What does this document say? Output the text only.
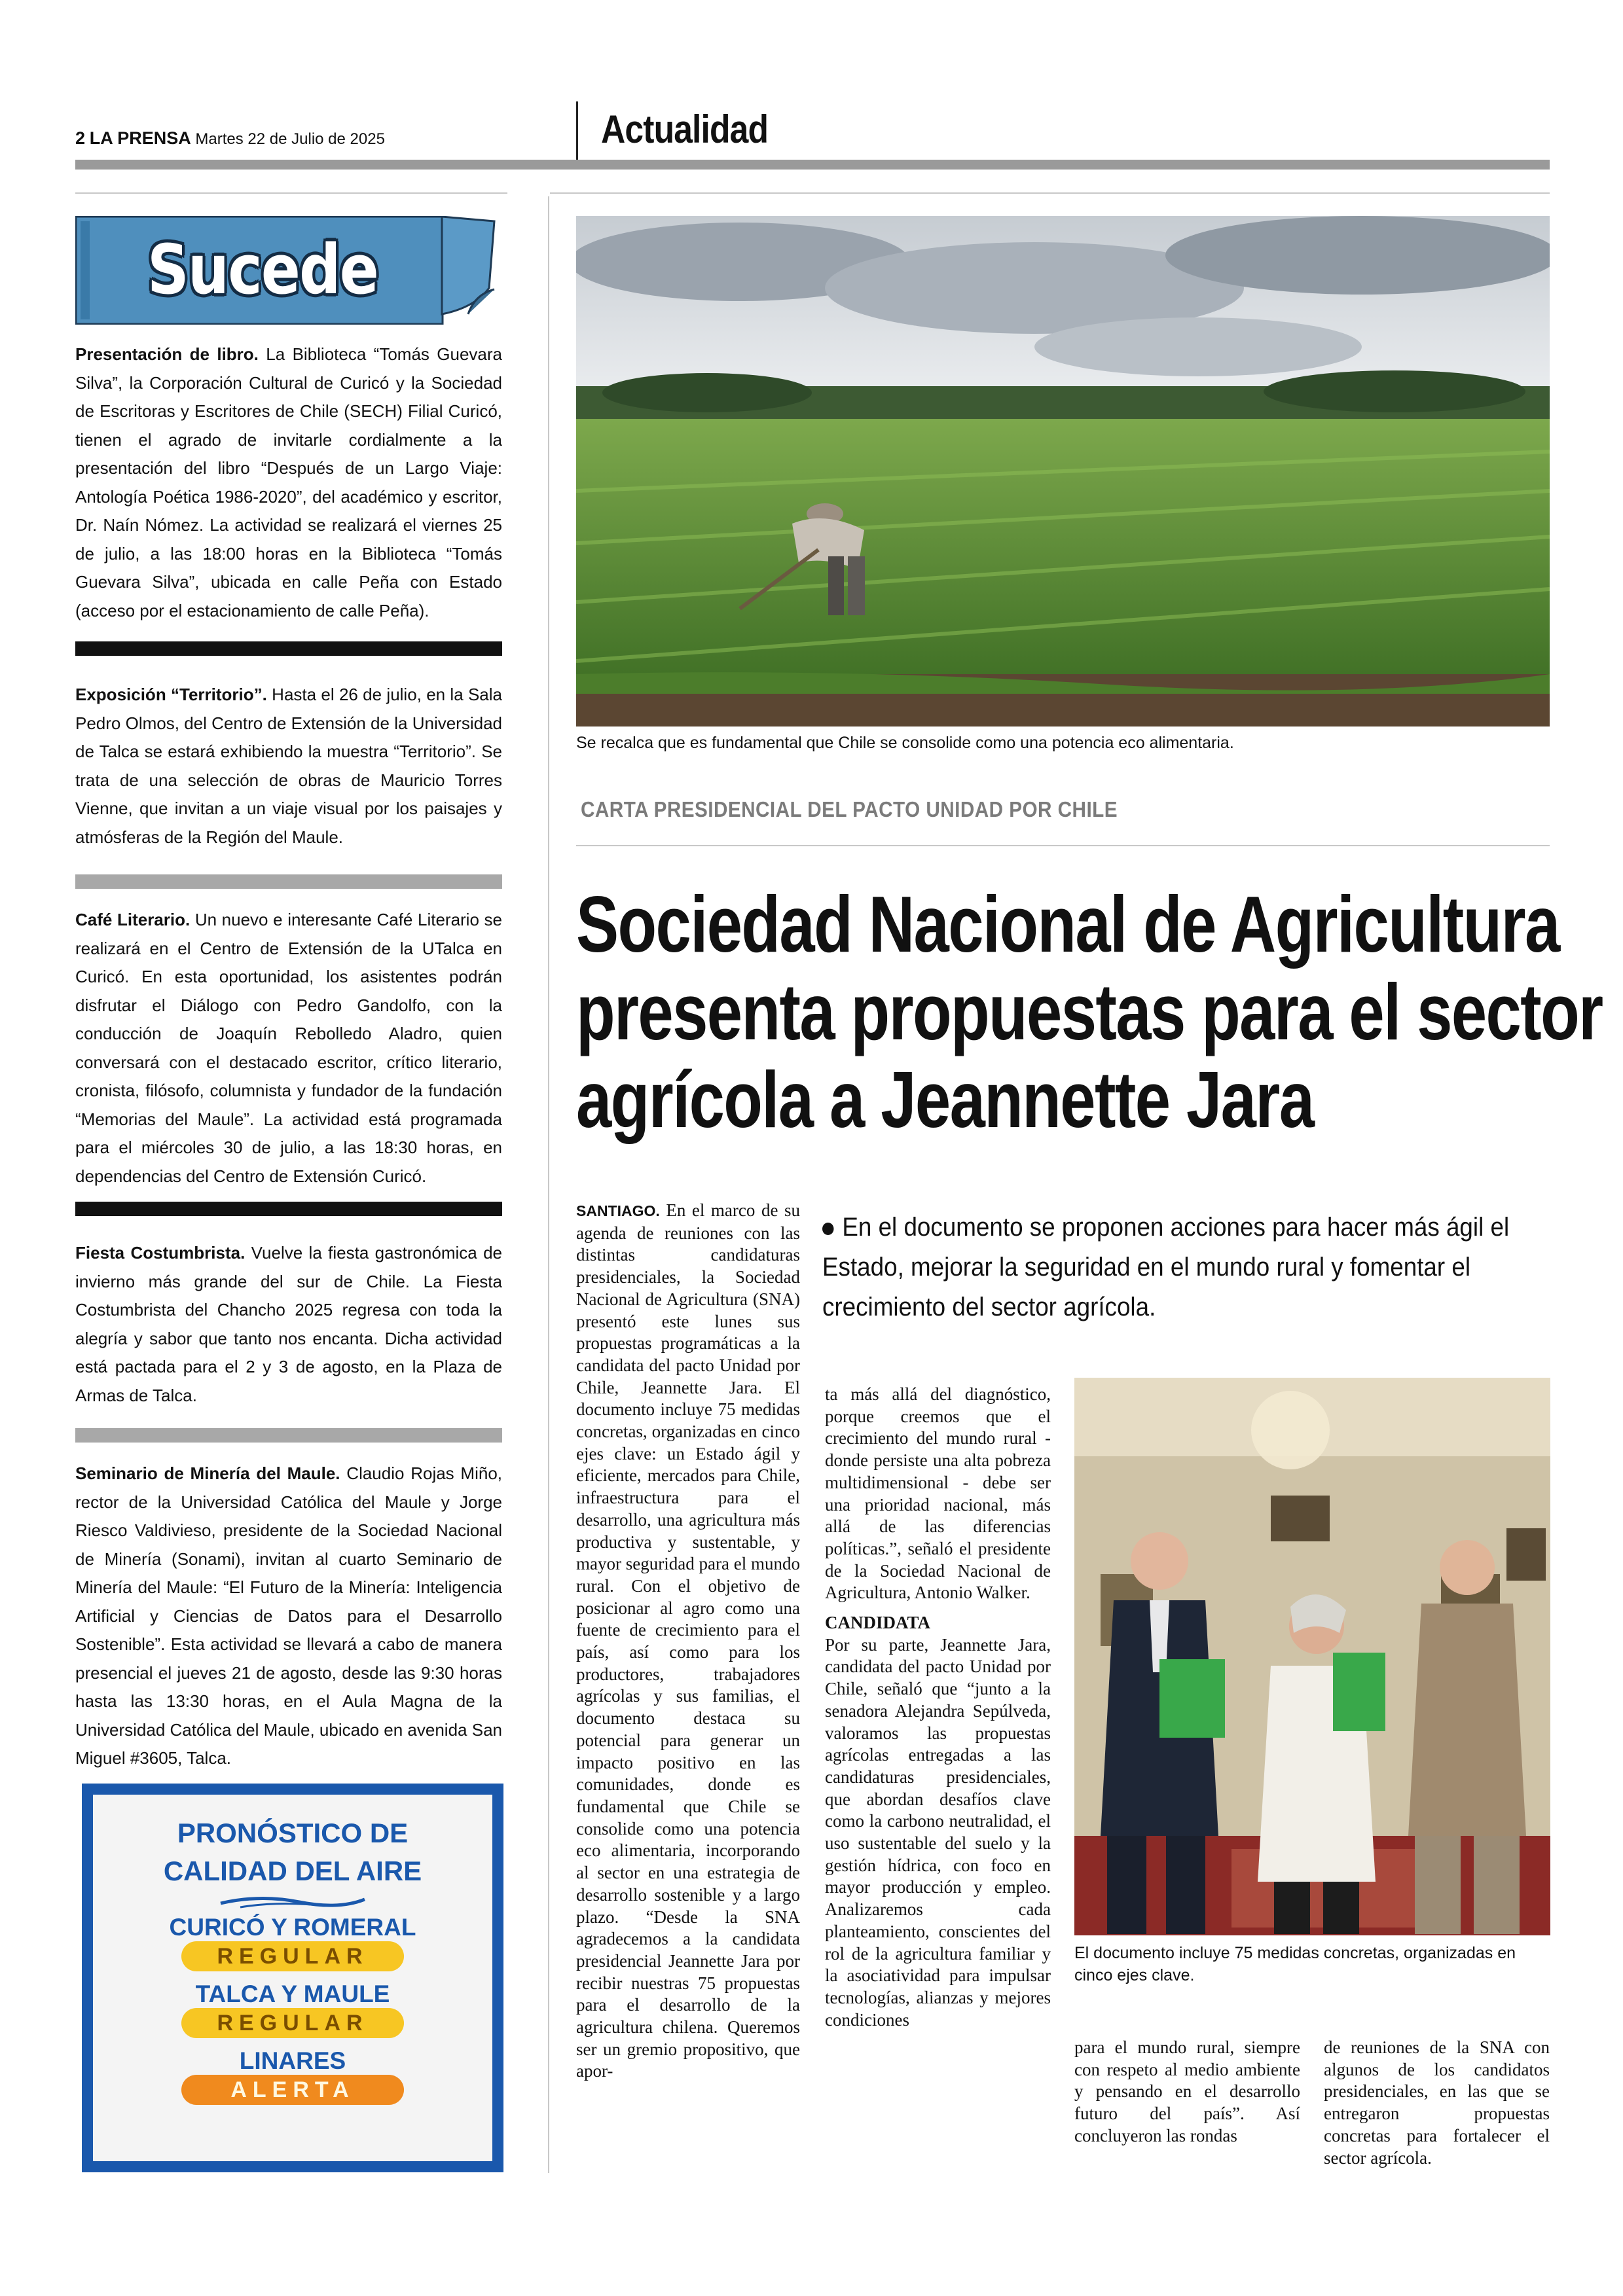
2 LA PRENSA Martes 22 de Julio de 2025	Actualidad
Sucede
Presentación de libro. La Biblioteca “Tomás Guevara Silva”, la Corporación Cultural de Curicó y la Sociedad de Escritoras y Escritores de Chile (SECH) Filial Curicó, tienen el agrado de invitarle cordialmente a la presentación del libro “Después de un Largo Viaje: Antología Poética 1986-2020”, del académico y escritor, Dr. Naín Nómez. La actividad se realizará el viernes 25 de julio, a las 18:00 horas en la Biblioteca “Tomás Guevara Silva”, ubicada en calle Peña con Estado (acceso por el estacionamiento de calle Peña).
Exposición “Territorio”. Hasta el 26 de julio, en la Sala Pedro Olmos, del Centro de Extensión de la Universidad de Talca se estará exhibiendo la muestra “Territorio”. Se trata de una selección de obras de Mauricio Torres Vienne, que invitan a un viaje visual por los paisajes y atmósferas de la Región del Maule.
Café Literario. Un nuevo e interesante Café Literario se realizará en el Centro de Extensión de la UTalca en Curicó. En esta oportunidad, los asistentes podrán disfrutar el Diálogo con Pedro Gandolfo, con la conducción de Joaquín Rebolledo Aladro, quien conversará con el destacado escritor, crítico literario, cronista, filósofo, columnista y fundador de la fundación “Memorias del Maule”. La actividad está programada para el miércoles 30 de julio, a las 18:30 horas, en dependencias del Centro de Extensión Curicó.
Fiesta Costumbrista. Vuelve la fiesta gastronómica de invierno más grande del sur de Chile. La Fiesta Costumbrista del Chancho 2025 regresa con toda la alegría y sabor que tanto nos encanta. Dicha actividad está pactada para el 2 y 3 de agosto, en la Plaza de Armas de Talca.
Seminario de Minería del Maule. Claudio Rojas Miño, rector de la Universidad Católica del Maule y Jorge Riesco Valdivieso, presidente de la Sociedad Nacional de Minería (Sonami), invitan al cuarto Seminario de Minería del Maule: “El Futuro de la Minería: Inteligencia Artificial y Ciencias de Datos para el Desarrollo Sostenible”. Esta actividad se llevará a cabo de manera presencial el jueves 21 de agosto, desde las 9:30 horas hasta las 13:30 horas, en el Aula Magna de la Universidad Católica del Maule, ubicado en avenida San Miguel #3605, Talca.
PRONÓSTICO DE
CALIDAD DEL AIRE
CURICÓ Y ROMERAL
REGULAR
TALCA Y MAULE
REGULAR
LINARES
ALERTA
Se recalca que es fundamental que Chile se consolide como una potencia eco alimentaria.
CARTA PRESIDENCIAL DEL PACTO UNIDAD POR CHILE
Sociedad Nacional de Agricultura
presenta propuestas para el sector
agrícola a Jeannette Jara
En el documento se proponen acciones para hacer más ágil el Estado, mejorar la seguridad en el mundo rural y fomentar el crecimiento del sector agrícola.
SANTIAGO. En el marco de su agenda de reuniones con las distintas candidaturas presidenciales, la Sociedad Nacional de Agricultura (SNA) presentó este lunes sus propuestas programáticas a la candidata del pacto Unidad por Chile, Jeannette Jara. El documento incluye 75 medidas concretas, organizadas en cinco ejes clave: un Estado ágil y eficiente, mercados para Chile, infraestructura para el desarrollo, una agricultura más productiva y sustentable, y mayor seguridad para el mundo rural. Con el objetivo de posicionar al agro como una fuente de crecimiento para el país, así como para los productores, trabajadores agrícolas y sus familias, el documento destaca su potencial para generar un impacto positivo en las comunidades, donde es fundamental que Chile se consolide como una potencia eco alimentaria, incorporando al sector en una estrategia de desarrollo sostenible y a largo plazo. “Desde la SNA agradecemos a la candidata presidencial Jeannette Jara por recibir nuestras 75 propuestas para el desarrollo de la agricultura chilena. Queremos ser un gremio propositivo, que apor-
ta más allá del diagnóstico, porque creemos que el crecimiento del mundo rural - donde persiste una alta pobreza multidimensional - debe ser una prioridad nacional, más allá de las diferencias políticas.”, señaló el presidente de la Sociedad Nacional de Agricultura, Antonio Walker.
CANDIDATA
Por su parte, Jeannette Jara, candidata del pacto Unidad por Chile, señaló que “junto a la senadora Alejandra Sepúlveda, valoramos las propuestas agrícolas entregadas a las candidaturas presidenciales, que abordan desafíos clave como la carbono neutralidad, el uso sustentable del suelo y la gestión hídrica, con foco en mayor producción y empleo. Analizaremos cada planteamiento, conscientes del rol de la agricultura familiar y la asociatividad para impulsar tecnologías, alianzas y mejores condiciones
El documento incluye 75 medidas concretas, organizadas en cinco ejes clave.
para el mundo rural, siempre con respeto al medio ambiente y pensando en el desarrollo futuro del país”. Así concluyeron las rondas
de reuniones de la SNA con algunos de los candidatos presidenciales, en las que se entregaron propuestas concretas para fortalecer el sector agrícola.
